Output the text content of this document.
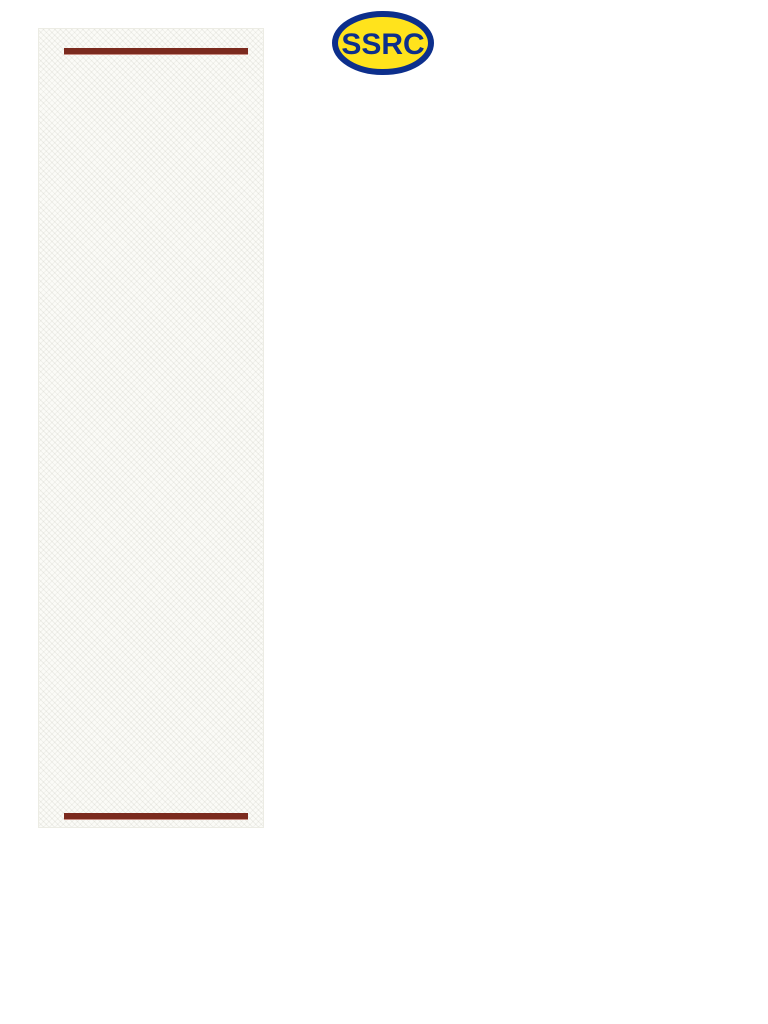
SSRC
